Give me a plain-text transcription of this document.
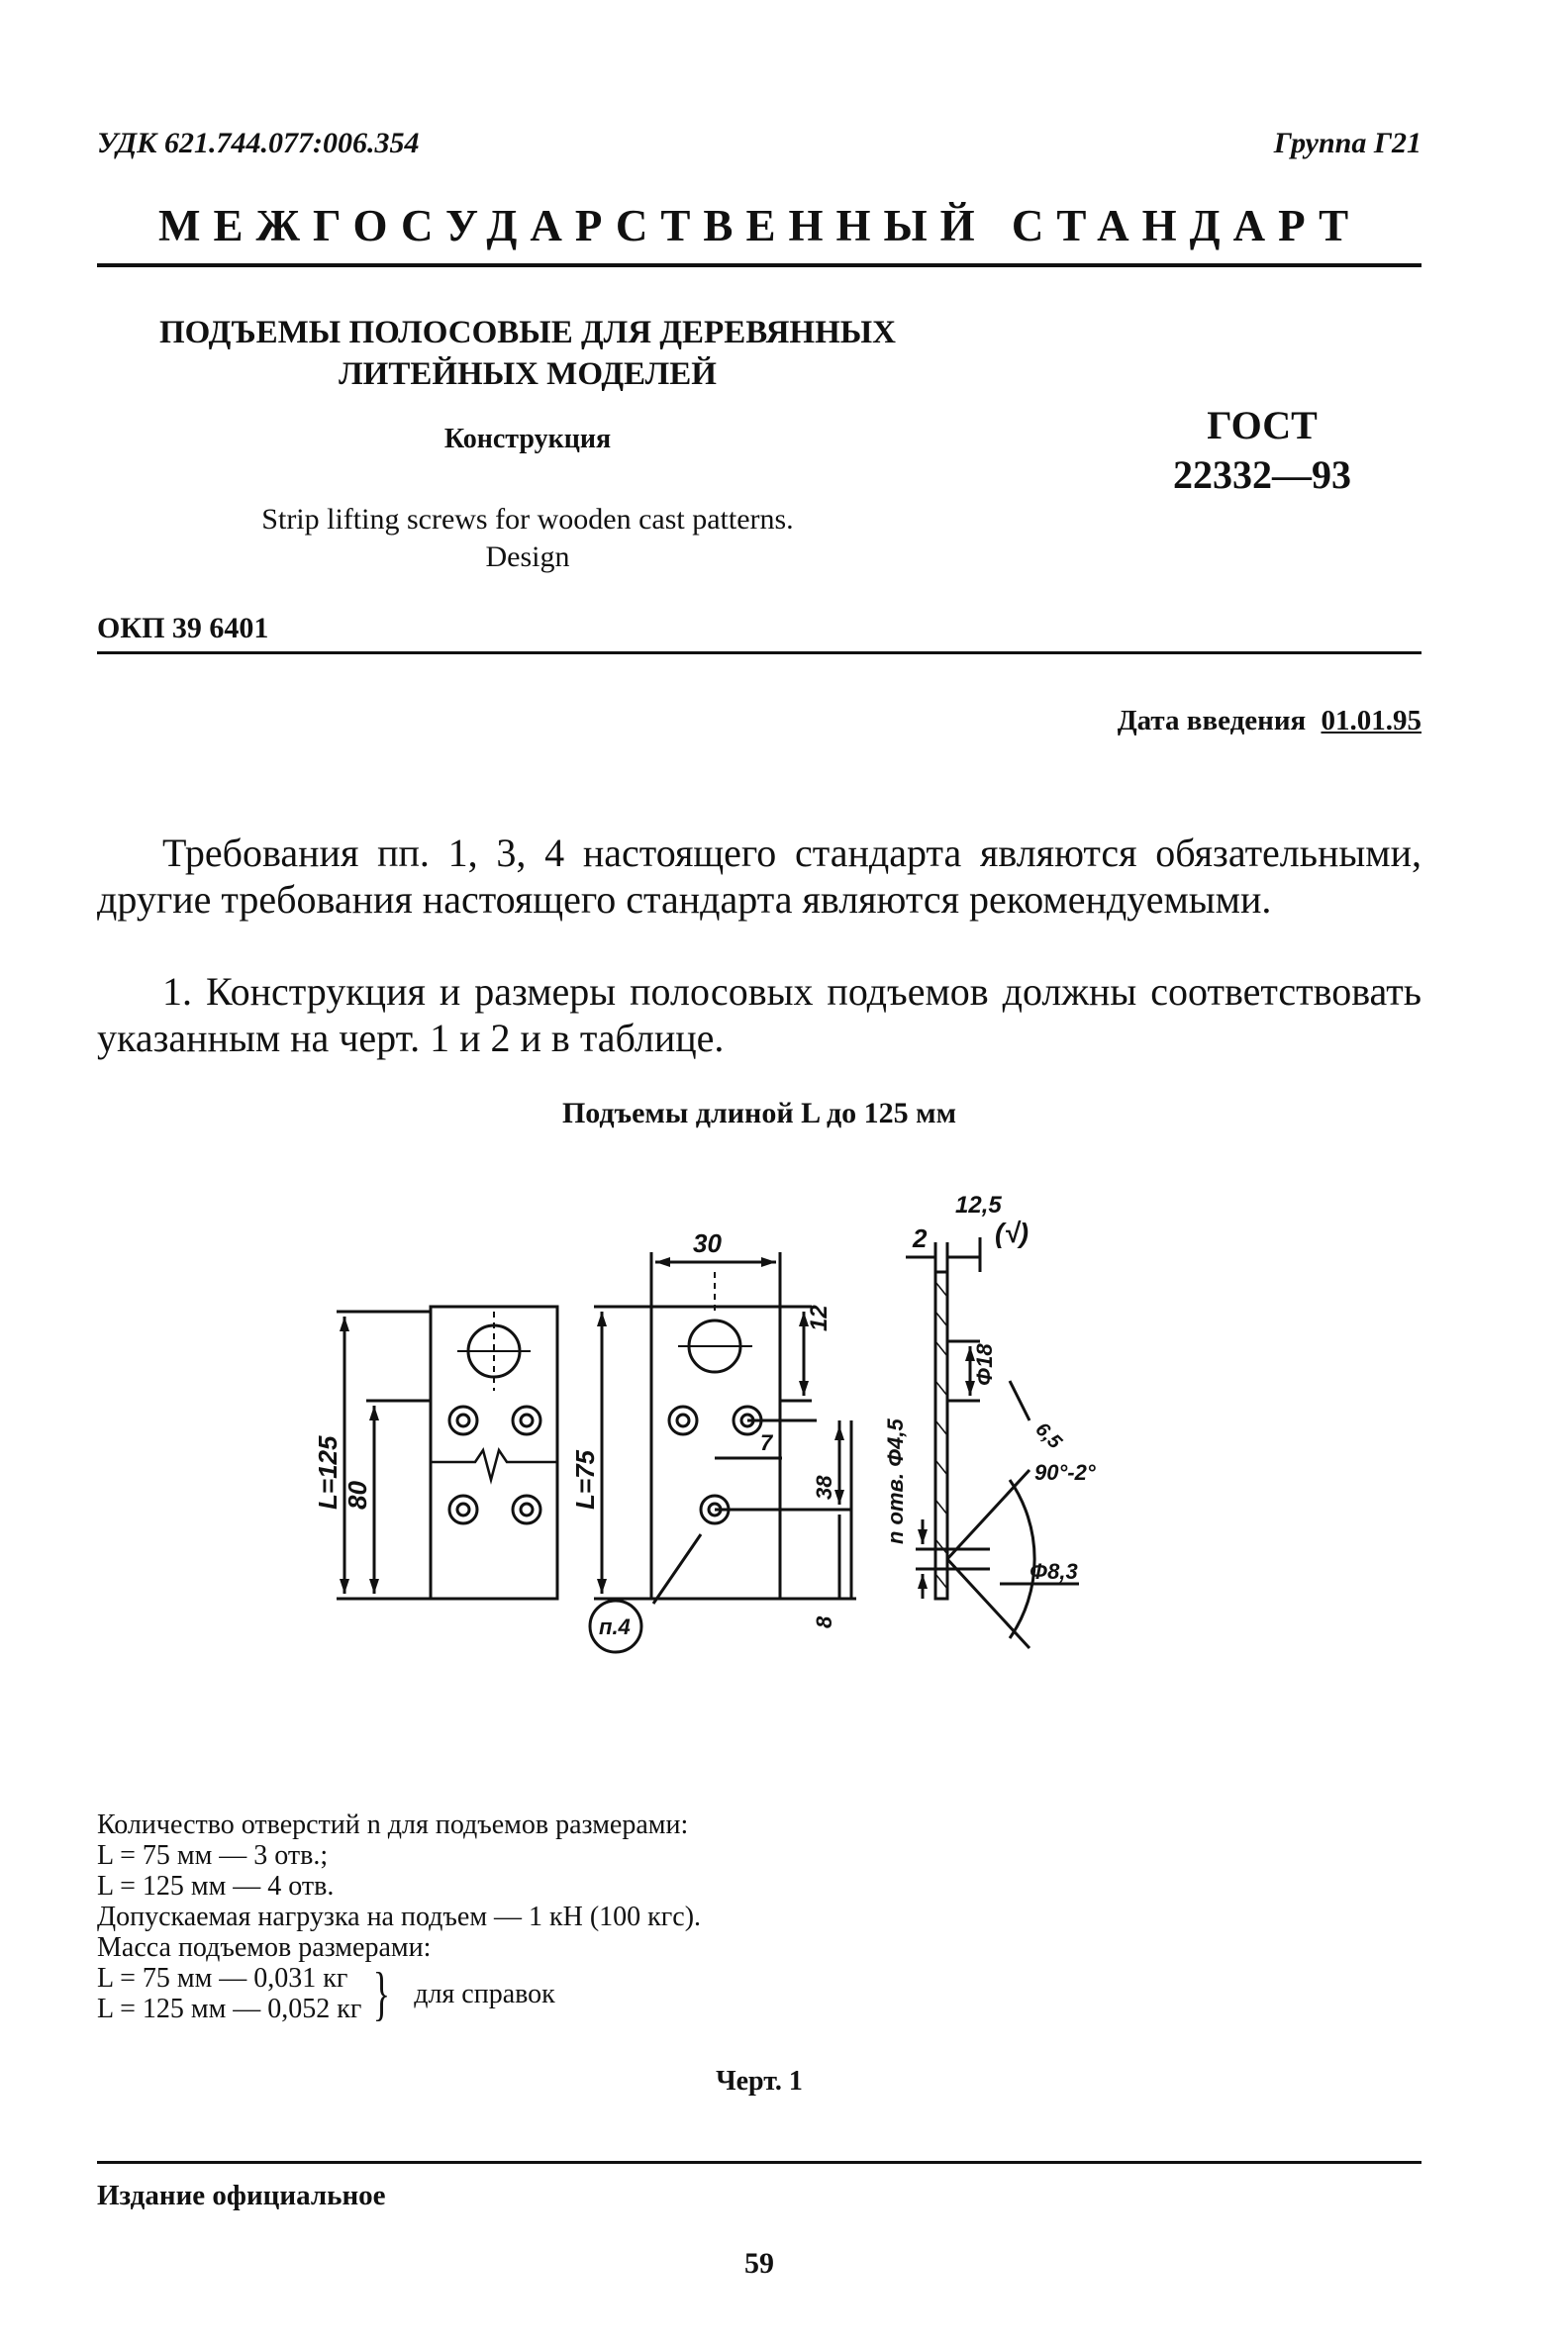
УДК 621.744.077:006.354	Группа Г21
МЕЖГОСУДАРСТВЕННЫЙ СТАНДАРТ
ПОДЪЕМЫ ПОЛОСОВЫЕ ДЛЯ ДЕРЕВЯННЫХ
ЛИТЕЙНЫХ МОДЕЛЕЙ
Конструкция
Strip lifting screws for wooden cast patterns.
Design
ГОСТ
22332—93
ОКП 39 6401
Дата введения 01.01.95
Требования пп. 1, 3, 4 настоящего стандарта являются обязательными, другие требования настоящего стандарта являются рекомендуемыми.
1. Конструкция и размеры полосовых подъемов должны соответствовать указанным на черт. 1 и 2 и в таблице.
Подъемы длиной L до 125 мм
12,5
(√)
30
12
2
Φ18
n отв. Φ4,5
L=125 80	L=75
7
38
8
6,5
90°-2°
Φ8,3
п.4
Количество отверстий n для подъемов размерами:
L = 75 мм — 3 отв.;
L = 125 мм — 4 отв.
Допускаемая нагрузка на подъем — 1 кН (100 кгс).
Масса подъемов размерами:
L = 75 мм — 0,031 кг
L = 125 мм — 0,052 кг } для справок
Черт. 1
Издание официальное
59
